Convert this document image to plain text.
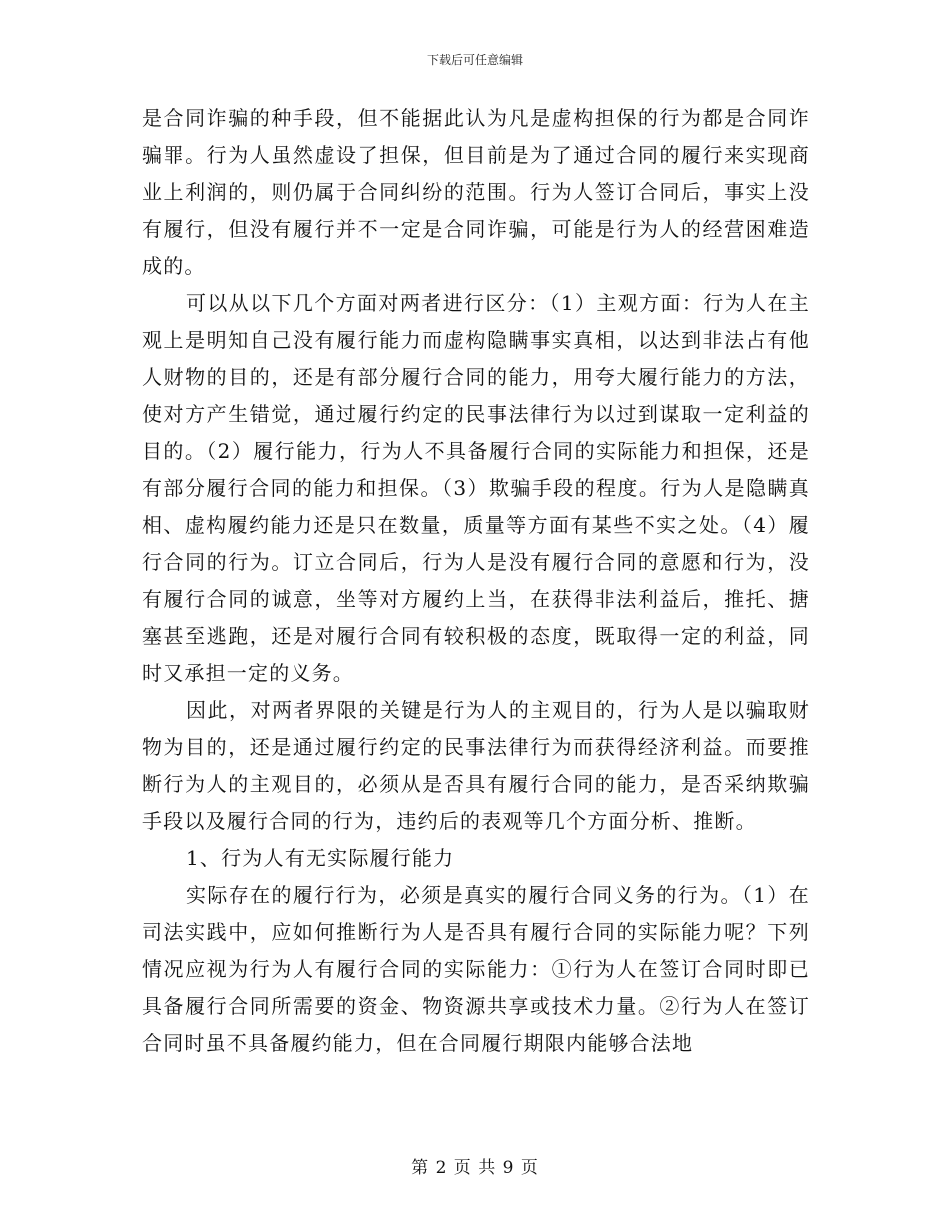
下载后可任意编辑

是合同诈骗的种手段，但不能据此认为凡是虚构担保的行为都是合同诈骗罪。行为人虽然虚设了担保，但目前是为了通过合同的履行来实现商业上利润的，则仍属于合同纠纷的范围。行为人签订合同后，事实上没有履行，但没有履行并不一定是合同诈骗，可能是行为人的经营困难造成的。

可以从以下几个方面对两者进行区分：（1）主观方面：行为人在主观上是明知自己没有履行能力而虚构隐瞒事实真相，以达到非法占有他人财物的目的，还是有部分履行合同的能力，用夸大履行能力的方法，使对方产生错觉，通过履行约定的民事法律行为以过到谋取一定利益的目的。（2）履行能力，行为人不具备履行合同的实际能力和担保，还是有部分履行合同的能力和担保。（3）欺骗手段的程度。行为人是隐瞒真相、虚构履约能力还是只在数量，质量等方面有某些不实之处。（4）履行合同的行为。订立合同后，行为人是没有履行合同的意愿和行为，没有履行合同的诚意，坐等对方履约上当，在获得非法利益后，推托、搪塞甚至逃跑，还是对履行合同有较积极的态度，既取得一定的利益，同时又承担一定的义务。

因此，对两者界限的关键是行为人的主观目的，行为人是以骗取财物为目的，还是通过履行约定的民事法律行为而获得经济利益。而要推断行为人的主观目的，必须从是否具有履行合同的能力，是否采纳欺骗手段以及履行合同的行为，违约后的表观等几个方面分析、推断。

1、行为人有无实际履行能力

实际存在的履行行为，必须是真实的履行合同义务的行为。（1）在司法实践中，应如何推断行为人是否具有履行合同的实际能力呢？下列情况应视为行为人有履行合同的实际能力：①行为人在签订合同时即已具备履行合同所需要的资金、物资源共享或技术力量。②行为人在签订合同时虽不具备履约能力，但在合同履行期限内能够合法地

第 2 页 共 9 页
